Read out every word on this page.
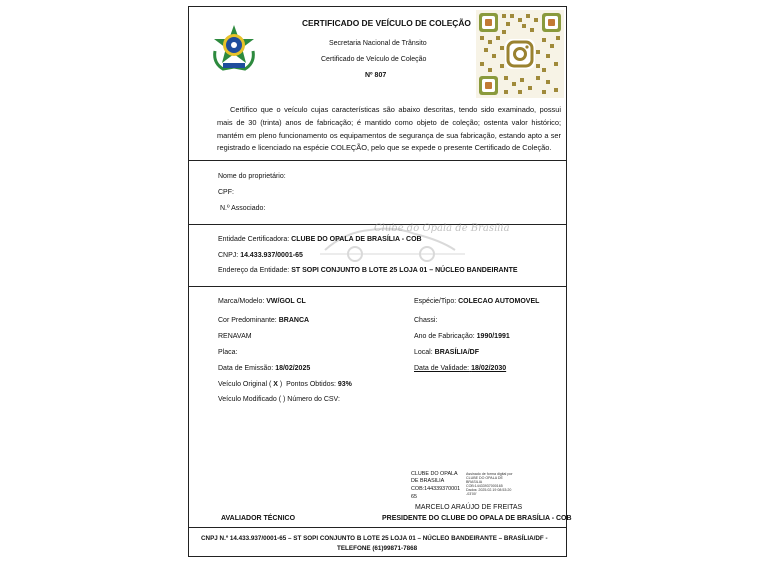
CERTIFICADO DE VEÍCULO DE COLEÇÃO
Secretaria Nacional de Trânsito
Certificado de Veículo de Coleção
Nº 807
Certifico que o veículo cujas características são abaixo descritas, tendo sido examinado, possui mais de 30 (trinta) anos de fabricação; é mantido como objeto de coleção; ostenta valor histórico; mantém em pleno funcionamento os equipamentos de segurança de sua fabricação, estando apto a ser registrado e licenciado na espécie COLEÇÃO, pelo que se expede o presente Certificado de Coleção.
Nome do proprietário:
CPF:
N.º Associado:
Clube do Opala de Brasília
Entidade Certificadora: CLUBE DO OPALA DE BRASÍLIA - COB
CNPJ: 14.433.937/0001-65
Endereço da Entidade: ST SOPI CONJUNTO B LOTE 25 LOJA 01 – NÚCLEO BANDEIRANTE
Marca/Modelo: VW/GOL CL
Cor Predominante: BRANCA
RENAVAM
Placa:
Data de Emissão: 18/02/2025
Veículo Original ( X ) Pontos Obtidos: 93%
Veículo Modificado ( ) Número do CSV:
Espécie/Tipo: COLECAO AUTOMOVEL
Chassi:
Ano de Fabricação: 1990/1991
Local: BRASÍLIA/DF
Data de Validade: 18/02/2030
CLUBE DO OPALA
DE BRASILIA
COB:144339370001
65
Assinado de forma digital por
CLUBE DO OPALA DE
BRASILIA
COB:14433937000165
Dados: 2025.02.19 08:53:20
-03'00'
MARCELO ARAÚJO DE FREITAS
AVALIADOR TÉCNICO	PRESIDENTE DO CLUBE DO OPALA DE BRASÍLIA - COB
CNPJ N.º 14.433.937/0001-65 – ST SOPI CONJUNTO B LOTE 25 LOJA 01 – NÚCLEO BANDEIRANTE – BRASÍLIA/DF -
TELEFONE (61)99871-7868
